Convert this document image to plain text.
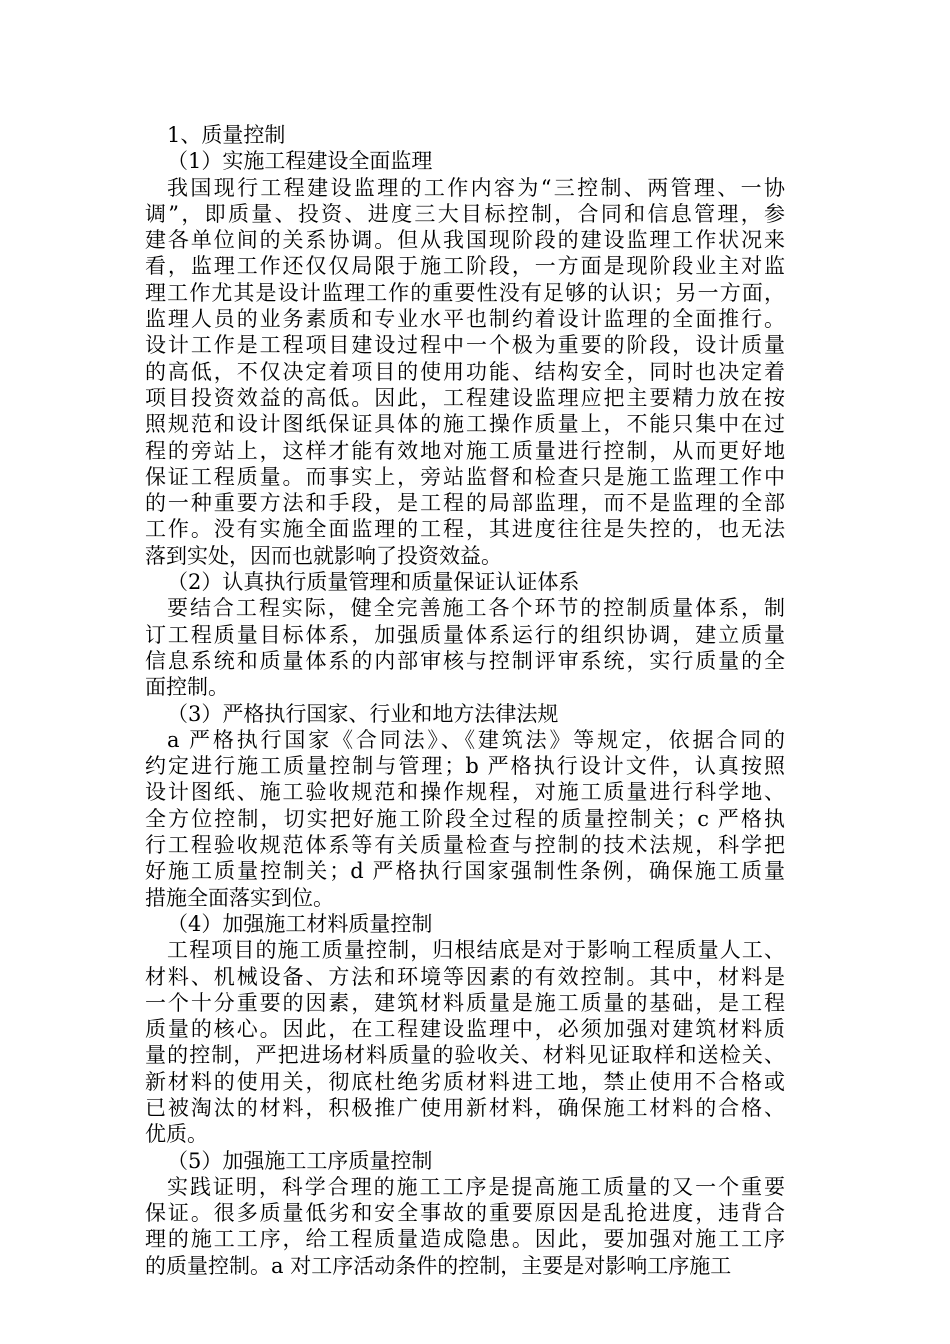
1、质量控制
（1）实施工程建设全面监理
我国现行工程建设监理的工作内容为“三控制、两管理、一协
调”，即质量、投资、进度三大目标控制，合同和信息管理，参
建各单位间的关系协调。但从我国现阶段的建设监理工作状况来
看，监理工作还仅仅局限于施工阶段，一方面是现阶段业主对监
理工作尤其是设计监理工作的重要性没有足够的认识；另一方面，
监理人员的业务素质和专业水平也制约着设计监理的全面推行。
设计工作是工程项目建设过程中一个极为重要的阶段，设计质量
的高低，不仅决定着项目的使用功能、结构安全，同时也决定着
项目投资效益的高低。因此，工程建设监理应把主要精力放在按
照规范和设计图纸保证具体的施工操作质量上，不能只集中在过
程的旁站上，这样才能有效地对施工质量进行控制，从而更好地
保证工程质量。而事实上，旁站监督和检查只是施工监理工作中
的一种重要方法和手段，是工程的局部监理，而不是监理的全部
工作。没有实施全面监理的工程，其进度往往是失控的，也无法
落到实处，因而也就影响了投资效益。
（2）认真执行质量管理和质量保证认证体系
要结合工程实际，健全完善施工各个环节的控制质量体系，制
订工程质量目标体系，加强质量体系运行的组织协调，建立质量
信息系统和质量体系的内部审核与控制评审系统，实行质量的全
面控制。
（3）严格执行国家、行业和地方法律法规
a 严格执行国家《合同法》、《建筑法》等规定，依据合同的
约定进行施工质量控制与管理；b 严格执行设计文件，认真按照
设计图纸、施工验收规范和操作规程，对施工质量进行科学地、
全方位控制，切实把好施工阶段全过程的质量控制关；c 严格执
行工程验收规范体系等有关质量检查与控制的技术法规，科学把
好施工质量控制关；d 严格执行国家强制性条例，确保施工质量
措施全面落实到位。
（4）加强施工材料质量控制
工程项目的施工质量控制，归根结底是对于影响工程质量人工、
材料、机械设备、方法和环境等因素的有效控制。其中，材料是
一个十分重要的因素，建筑材料质量是施工质量的基础，是工程
质量的核心。因此，在工程建设监理中，必须加强对建筑材料质
量的控制，严把进场材料质量的验收关、材料见证取样和送检关、
新材料的使用关，彻底杜绝劣质材料进工地，禁止使用不合格或
已被淘汰的材料，积极推广使用新材料，确保施工材料的合格、
优质。
（5）加强施工工序质量控制
实践证明，科学合理的施工工序是提高施工质量的又一个重要
保证。很多质量低劣和安全事故的重要原因是乱抢进度，违背合
理的施工工序，给工程质量造成隐患。因此，要加强对施工工序
的质量控制。a 对工序活动条件的控制，主要是对影响工序施工
